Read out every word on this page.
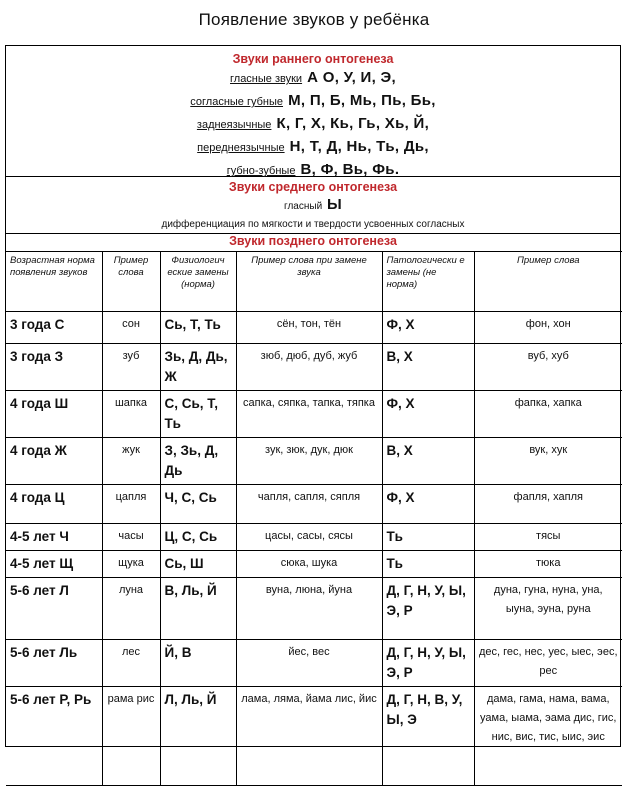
Появление звуков у ребёнка
Звуки раннего онтогенеза
гласные звуки А О, У, И, Э,
согласные губные М, П, Б, Мь, Пь, Бь,
заднеязычные К, Г, Х, Кь, Гь, Хь, Й,
переднеязычные Н, Т, Д, Нь, Ть, Дь,
губно-зубные В, Ф, Вь, Фь.
Звуки среднего онтогенеза
гласный Ы
дифференциация по мягкости и твердости усвоенных согласных
Звуки позднего онтогенеза
Возрастная норма появления звуков	Пример слова	Физиологич еские замены (норма)	Пример слова при замене звука	Патологически е замены (не норма)	Пример слова
3 года С	сон	Сь, Т, Ть	сён, тон, тён	Ф, Х	фон, хон
3 года З	зуб	Зь, Д, Дь, Ж	зюб, дюб, дуб, жуб	В, Х	вуб, хуб
4 года Ш	шапка	С, Сь, Т, Ть	сапка, сяпка, тапка, тяпка	Ф, Х	фапка, хапка
4 года Ж	жук	З, Зь, Д, Дь	зук, зюк, дук, дюк	В, Х	вук, хук
4 года Ц	цапля	Ч, С, Сь	чапля, сапля, сяпля	Ф, Х	фапля, хапля
4-5 лет Ч	часы	Ц, С, Сь	цасы, сасы, сясы	Ть	тясы
4-5 лет Щ	щука	Сь, Ш	сюка, шука	Ть	тюка
5-6 лет Л	луна	В, Ль, Й	вуна, люна, йуна	Д, Г, Н, У, Ы, Э, Р	дуна, гуна, нуна, уна, ыуна, эуна, руна
5-6 лет Ль	лес	Й, В	йес, вес	Д, Г, Н, У, Ы, Э, Р	дес, гес, нес, уес, ыес, эес, рес
5-6 лет Р, Рь	рама рис	Л, Ль, Й	лама, ляма, йама лис, йис	Д, Г, Н, В, У, Ы, Э	дама, гама, нама, вама, уама, ыама, эама дис, гис, нис, вис, тис, ыис, эис
